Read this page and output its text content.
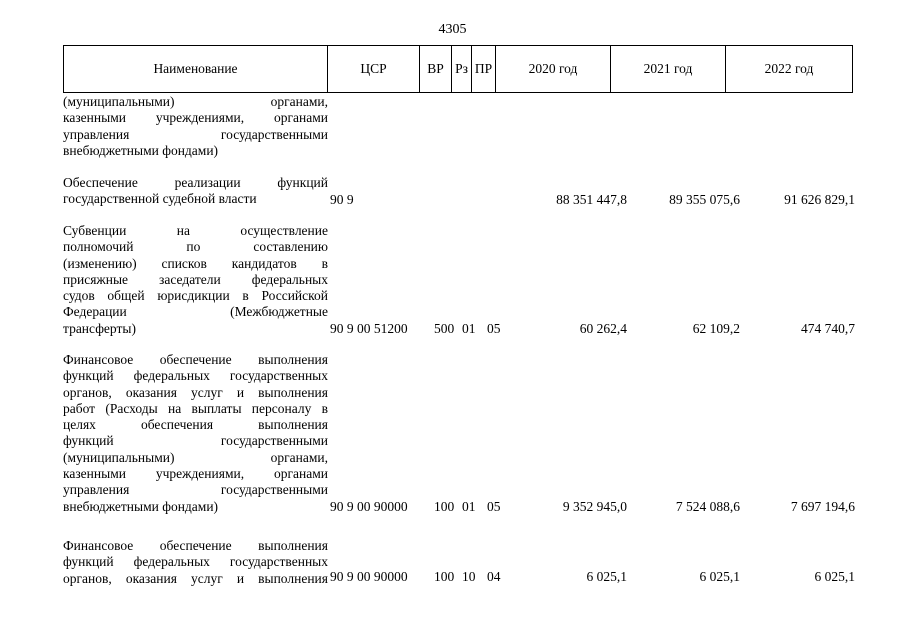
4305
Наименование	ЦСР	ВР Рз ПР	2020 год	2021 год	2022 год
(муниципальными) органами,
казенными учреждениями, органами
управления государственными
внебюджетными фондами)
Обеспечение реализации функций
государственной судебной власти	90 9	88 351 447,8	89 355 075,6	91 626 829,1
Субвенции на осуществление
полномочий по составлению
(изменению) списков кандидатов в
присяжные заседатели федеральных
судов общей юрисдикции в Российской
Федерации (Межбюджетные
трансферты)	90 9 00 51200 500 01 05	60 262,4	62 109,2	474 740,7
Финансовое обеспечение выполнения
функций федеральных государственных
органов, оказания услуг и выполнения
работ (Расходы на выплаты персоналу в
целях обеспечения выполнения
функций государственными
(муниципальными) органами,
казенными учреждениями, органами
управления государственными
внебюджетными фондами)	90 9 00 90000 100 01 05	9 352 945,0	7 524 088,6	7 697 194,6
Финансовое обеспечение выполнения
функций федеральных государственных
органов, оказания услуг и выполнения 90 9 00 90000 100 10 04	6 025,1	6 025,1	6 025,1
